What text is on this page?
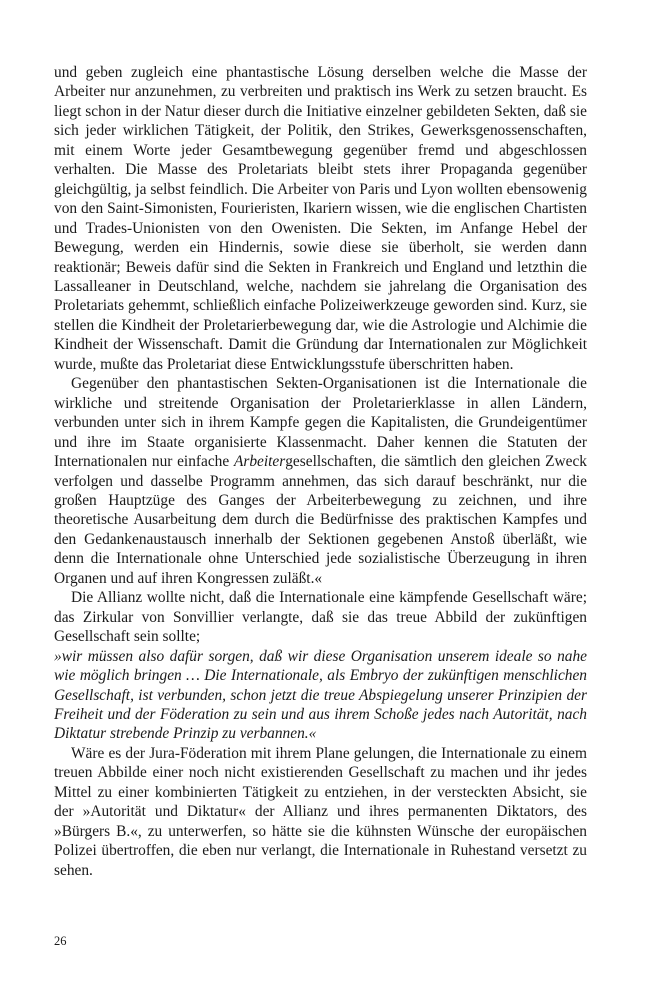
und geben zugleich eine phantastische Lösung derselben welche die Masse der Arbeiter nur anzunehmen, zu verbreiten und praktisch ins Werk zu setzen braucht. Es liegt schon in der Natur dieser durch die Initiative einzelner gebildeten Sekten, daß sie sich jeder wirklichen Tätigkeit, der Politik, den Strikes, Gewerksgenossenschaften, mit einem Worte jeder Gesamtbewegung gegenüber fremd und abgeschlossen verhalten. Die Masse des Proletariats bleibt stets ihrer Propaganda gegenüber gleichgültig, ja selbst feindlich. Die Arbeiter von Paris und Lyon wollten ebensowenig von den Saint-Simonisten, Fourieristen, Ikariern wissen, wie die englischen Chartisten und Trades-Unionisten von den Owenisten. Die Sekten, im Anfange Hebel der Bewegung, werden ein Hindernis, sowie diese sie überholt, sie werden dann reaktionär; Beweis dafür sind die Sekten in Frankreich und England und letzthin die Lassalleaner in Deutschland, welche, nachdem sie jahrelang die Organisation des Proletariats gehemmt, schließlich einfache Polizeiwerkzeuge geworden sind. Kurz, sie stellen die Kindheit der Proletarierbewegung dar, wie die Astrologie und Alchimie die Kindheit der Wissenschaft. Damit die Gründung dar Internationalen zur Möglichkeit wurde, mußte das Proletariat diese Entwicklungsstufe überschritten haben.

Gegenüber den phantastischen Sekten-Organisationen ist die Internationale die wirkliche und streitende Organisation der Proletarierklasse in allen Ländern, verbunden unter sich in ihrem Kampfe gegen die Kapitalisten, die Grundeigentümer und ihre im Staate organisierte Klassenmacht. Daher kennen die Statuten der Internationalen nur einfache Arbeitergesellschaften, die sämtlich den gleichen Zweck verfolgen und dasselbe Programm annehmen, das sich darauf beschränkt, nur die großen Hauptzüge des Ganges der Arbeiterbewegung zu zeichnen, und ihre theoretische Ausarbeitung dem durch die Bedürfnisse des praktischen Kampfes und den Gedankenaustausch innerhalb der Sektionen gegebenen Anstoß überläßt, wie denn die Internationale ohne Unterschied jede sozialistische Überzeugung in ihren Organen und auf ihren Kongressen zuläßt.«

Die Allianz wollte nicht, daß die Internationale eine kämpfende Gesellschaft wäre; das Zirkular von Sonvillier verlangte, daß sie das treue Abbild der zukünftigen Gesellschaft sein sollte;

»wir müssen also dafür sorgen, daß wir diese Organisation unserem ideale so nahe wie möglich bringen … Die Internationale, als Embryo der zukünftigen menschlichen Gesellschaft, ist verbunden, schon jetzt die treue Abspiegelung unserer Prinzipien der Freiheit und der Föderation zu sein und aus ihrem Schoße jedes nach Autorität, nach Diktatur strebende Prinzip zu verbannen.«

Wäre es der Jura-Föderation mit ihrem Plane gelungen, die Internationale zu einem treuen Abbilde einer noch nicht existierenden Gesellschaft zu machen und ihr jedes Mittel zu einer kombinierten Tätigkeit zu entziehen, in der versteckten Absicht, sie der »Autorität und Diktatur« der Allianz und ihres permanenten Diktators, des »Bürgers B.«, zu unterwerfen, so hätte sie die kühnsten Wünsche der europäischen Polizei übertroffen, die eben nur verlangt, die Internationale in Ruhestand versetzt zu sehen.

26
